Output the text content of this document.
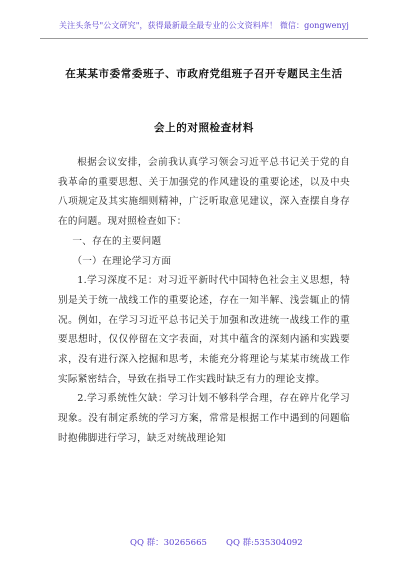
关注头条号"公文研究"，获得最新最全最专业的公文资料库！ 微信：gongwenyj
在某某市委常委班子、市政府党组班子召开专题民主生活
会上的对照检查材料

根据会议安排，会前我认真学习领会习近平总书记关于党的自我革命的重要思想、关于加强党的作风建设的重要论述，以及中央八项规定及其实施细则精神，广泛听取意见建议，深入查摆自身存在的问题。现对照检查如下：

一、存在的主要问题

（一）在理论学习方面

1.学习深度不足：对习近平新时代中国特色社会主义思想，特别是关于统一战线工作的重要论述，存在一知半解、浅尝辄止的情况。例如，在学习习近平总书记关于加强和改进统一战线工作的重要思想时，仅仅停留在文字表面，对其中蕴含的深刻内涵和实践要求，没有进行深入挖掘和思考，未能充分将理论与某某市统战工作实际紧密结合，导致在指导工作实践时缺乏有力的理论支撑。

2.学习系统性欠缺：学习计划不够科学合理，存在碎片化学习现象。没有制定系统的学习方案，常常是根据工作中遇到的问题临时抱佛脚进行学习，缺乏对统战理论知

QQ 群：30265665 QQ 群:535304092
